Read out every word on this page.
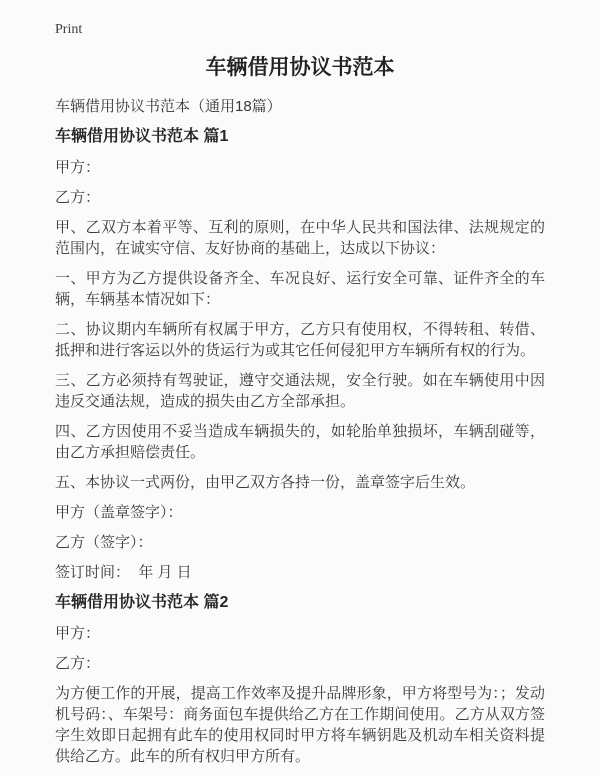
Print
车辆借用协议书范本

车辆借用协议书范本（通用18篇）

车辆借用协议书范本 篇1

甲方：

乙方：

甲、乙双方本着平等、互利的原则，在中华人民共和国法律、法规规定的范围内，在诚实守信、友好协商的基础上，达成以下协议：

一、甲方为乙方提供设备齐全、车况良好、运行安全可靠、证件齐全的车辆，车辆基本情况如下：

二、协议期内车辆所有权属于甲方，乙方只有使用权，不得转租、转借、抵押和进行客运以外的货运行为或其它任何侵犯甲方车辆所有权的行为。

三、乙方必须持有驾驶证，遵守交通法规，安全行驶。如在车辆使用中因违反交通法规，造成的损失由乙方全部承担。

四、乙方因使用不妥当造成车辆损失的，如轮胎单独损坏，车辆刮碰等，由乙方承担赔偿责任。

五、本协议一式两份，由甲乙双方各持一份，盖章签字后生效。

甲方（盖章签字）：

乙方（签字）：

签订时间：  年 月 日

车辆借用协议书范本 篇2

甲方：

乙方：

为方便工作的开展，提高工作效率及提升品牌形象，甲方将型号为：；发动机号码：、车架号：商务面包车提供给乙方在工作期间使用。乙方从双方签字生效即日起拥有此车的使用权同时甲方将车辆钥匙及机动车相关资料提供给乙方。此车的所有权归甲方所有。
